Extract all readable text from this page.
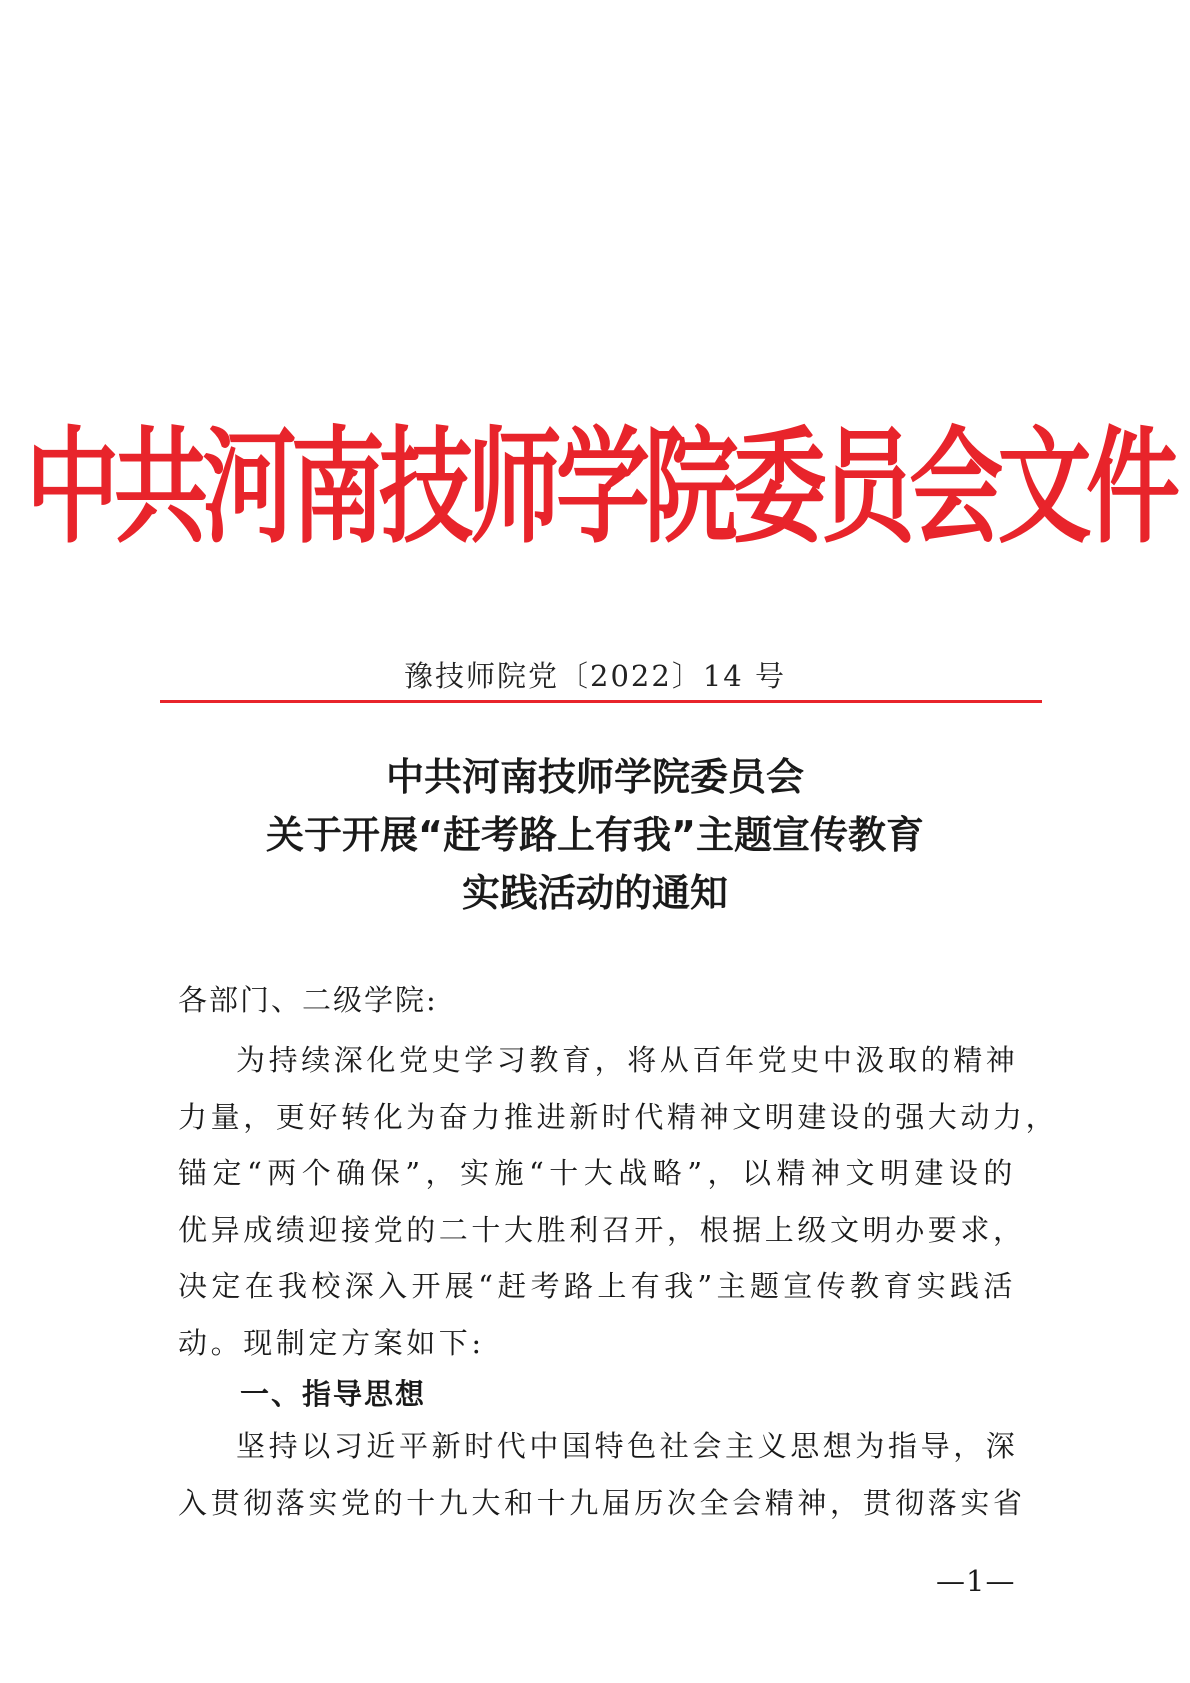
中共河南技师学院委员会文件
豫技师院党〔2022〕14 号
中共河南技师学院委员会
关于开展“赶考路上有我”主题宣传教育
实践活动的通知
各部门、二级学院:
为持续深化党史学习教育，将从百年党史中汲取的精神
力量，更好转化为奋力推进新时代精神文明建设的强大动力，
锚定“两个确保”，实施“十大战略”，以精神文明建设的
优异成绩迎接党的二十大胜利召开，根据上级文明办要求，
决定在我校深入开展“赶考路上有我”主题宣传教育实践活
动。现制定方案如下:
一、指导思想
坚持以习近平新时代中国特色社会主义思想为指导，深
入贯彻落实党的十九大和十九届历次全会精神，贯彻落实省
—1—
